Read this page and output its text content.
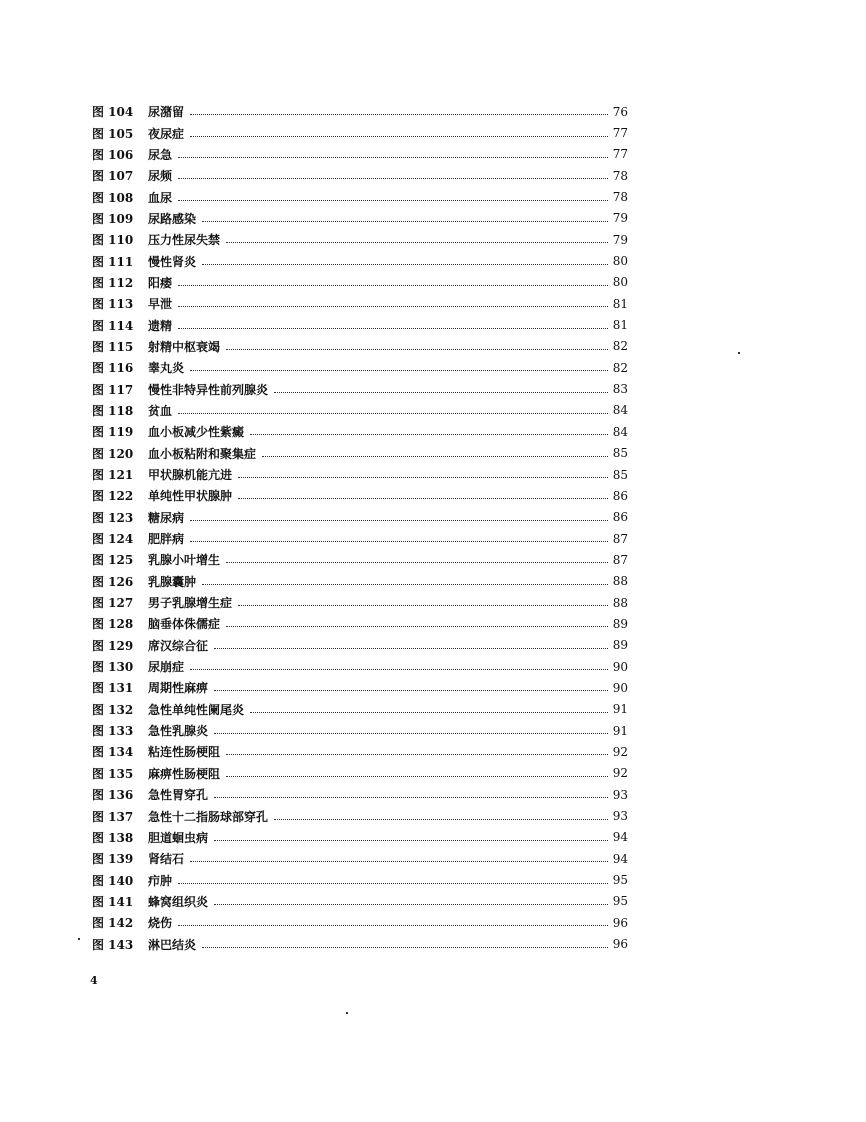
图 104	尿潴留	76
图 105	夜尿症	77
图 106	尿急	77
图 107	尿频	78
图 108	血尿	78
图 109	尿路感染	79
图 110	压力性尿失禁	79
图 111	慢性肾炎	80
图 112	阳痿	80
图 113	早泄	81
图 114	遗精	81
图 115	射精中枢衰竭	82
图 116	睾丸炎	82
图 117	慢性非特异性前列腺炎	83
图 118	贫血	84
图 119	血小板减少性紫癜	84
图 120	血小板粘附和聚集症	85
图 121	甲状腺机能亢进	85
图 122	单纯性甲状腺肿	86
图 123	糖尿病	86
图 124	肥胖病	87
图 125	乳腺小叶增生	87
图 126	乳腺囊肿	88
图 127	男子乳腺增生症	88
图 128	脑垂体侏儒症	89
图 129	席汉综合征	89
图 130	尿崩症	90
图 131	周期性麻痹	90
图 132	急性单纯性阑尾炎	91
图 133	急性乳腺炎	91
图 134	粘连性肠梗阻	92
图 135	麻痹性肠梗阻	92
图 136	急性胃穿孔	93
图 137	急性十二指肠球部穿孔	93
图 138	胆道蛔虫病	94
图 139	肾结石	94
图 140	疖肿	95
图 141	蜂窝组织炎	95
图 142	烧伤	96
图 143	淋巴结炎	96
4
